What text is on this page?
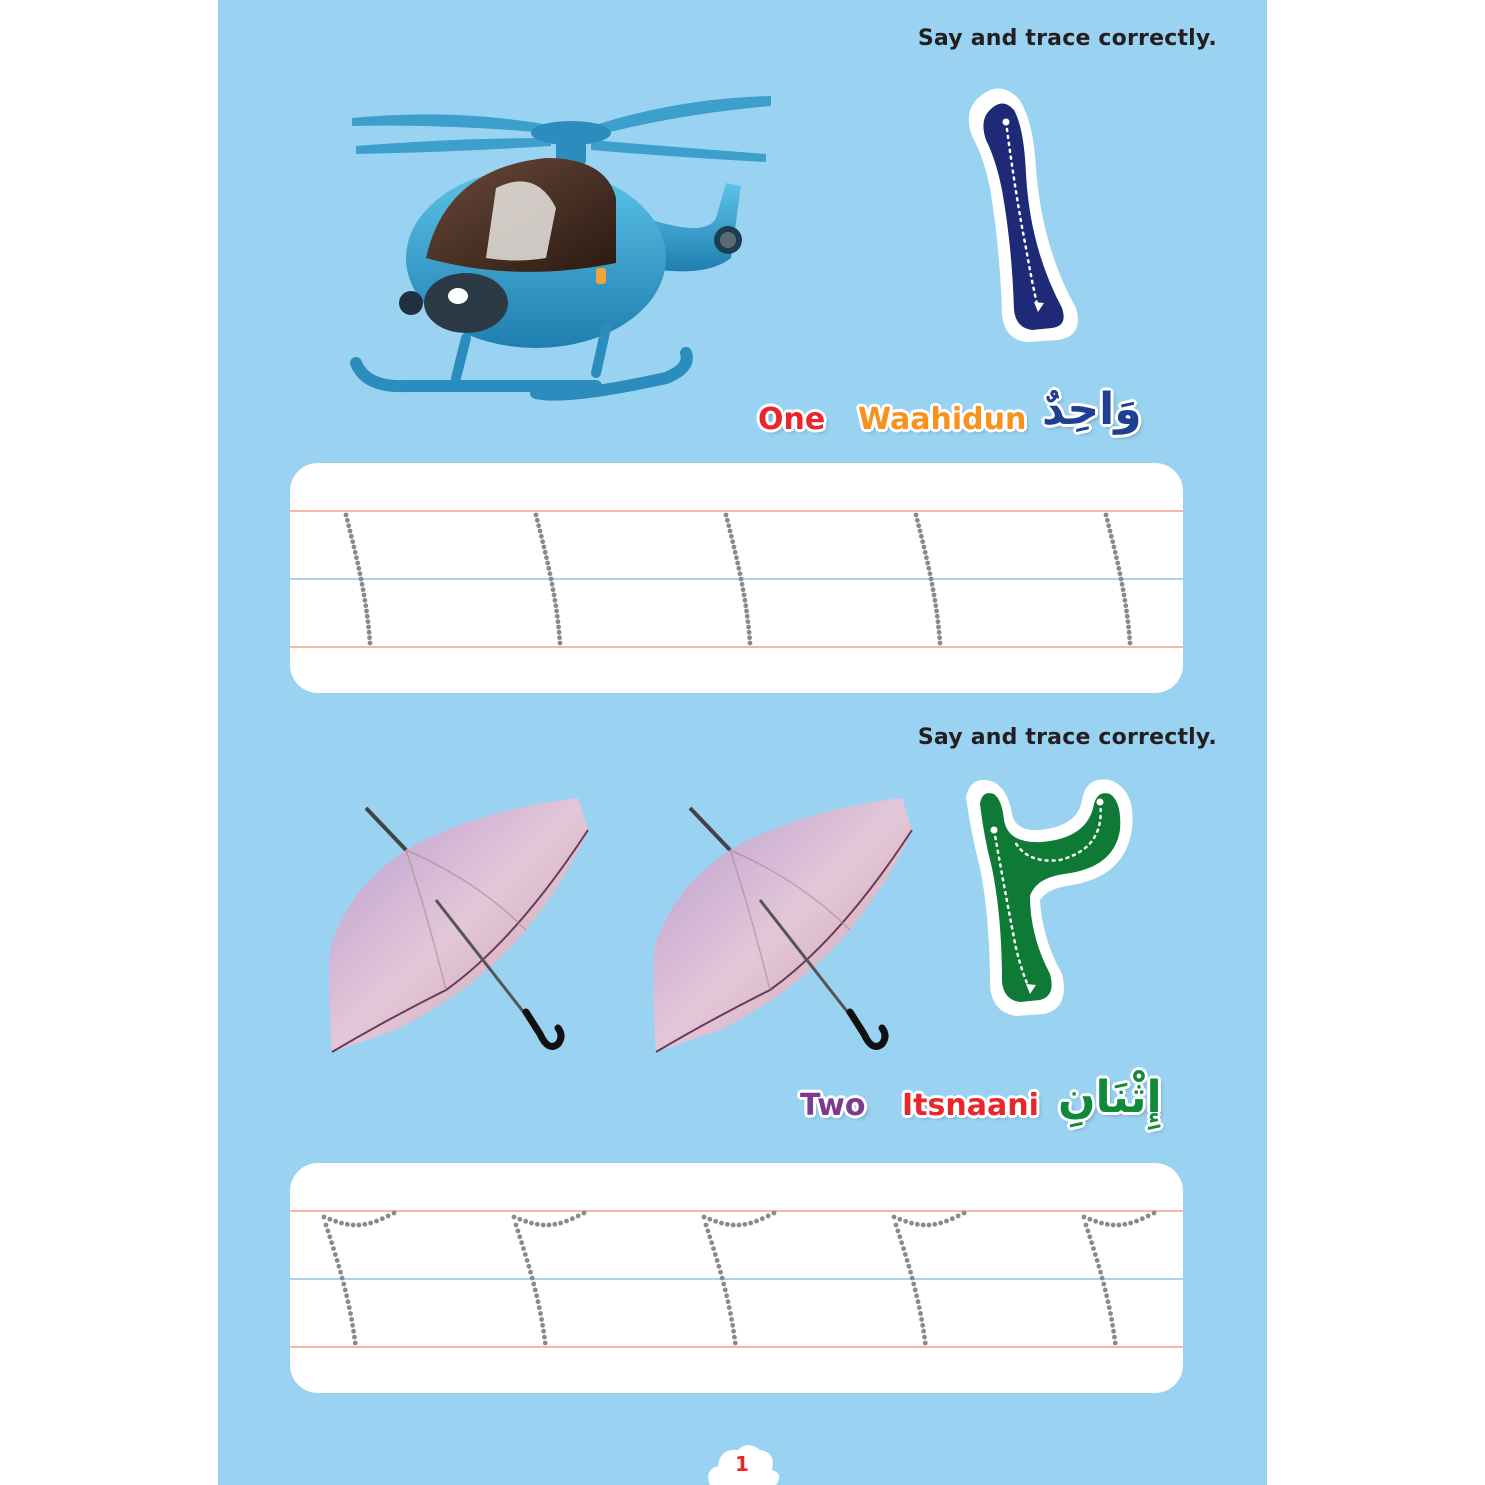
Say and trace correctly.
One Waahidun وَاحِدٌ
Say and trace correctly.
Two Itsnaani إِثْنَانِ
1
